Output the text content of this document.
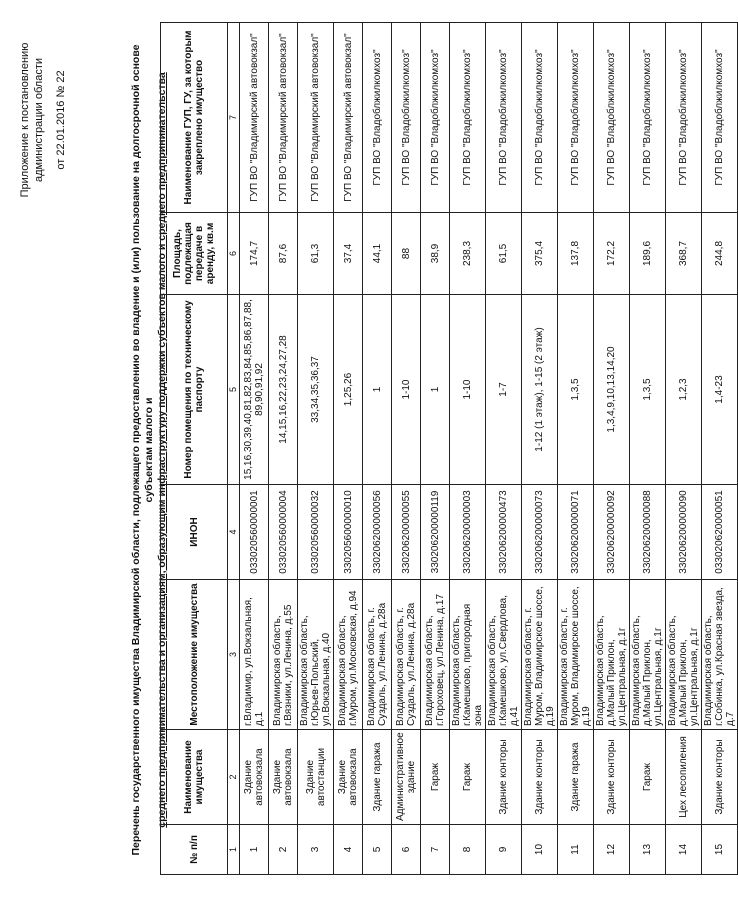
Приложение к постановлению администрации области от 22.01.2016 № 22	Перечень государственного имущества Владимирской области, подлежащего предоставлению во владение и (или) пользование на долгосрочной основе субъектам малого и среднего предпринимательства и организациям, образующим инфраструктуру поддержки субъектов малого и среднего предпринимательства
№ п/п	Наименование имущества	Местоположение имущества	ИНОН	Номер помещения по техническому паспорту	Площадь, подлежащая передаче в аренду, кв.м	Наименование ГУП, ГУ, за которым закреплено имущество
1	2	3	4	5	6	7
1	Здание автовокзала	г.Владимир, ул.Вокзальная, д.1	033020560000001	15,16,30,39,40,81,82,83,84,85,86,87,88, 89,90,91,92	174,7	ГУП ВО "Владимирский автовокзал"
2	Здание автовокзала	Владимирская область, г.Вязники, ул.Ленина, д.55	033020560000004	14,15,16,22,23,24,27,28	87,6	ГУП ВО "Владимирский автовокзал"
3	Здание автостанции	Владимирская область, г.Юрьев-Польский, ул.Вокзальная, д.40	033020560000032	33,34,35,36,37	61,3	ГУП ВО "Владимирский автовокзал"
4	Здание автовокзала	Владимирская область, г.Муром, ул.Московская, д.94	330205600000010	1,25,26	37,4	ГУП ВО "Владимирский автовокзал"
5	Здание гаража	Владимирская область, г. Суздаль, ул.Ленина, д.28а	330206200000056	1	44,1	ГУП ВО "Владоблжилкомхоз"
6	Административное здание	Владимирская область, г. Суздаль, ул.Ленина, д.28а	330206200000055	1-10	88	ГУП ВО "Владоблжилкомхоз"
7	Гараж	Владимирская область, г.Гороховец, ул.Ленина, д.17	330206200000119	1	38,9	ГУП ВО "Владоблжилкомхоз"
8	Гараж	Владимирская область, г.Камешково, пригородная зона	330206200000003	1-10	238,3	ГУП ВО "Владоблжилкомхоз"
9	Здание конторы	Владимирская область, г.Камешково, ул.Свердлова, д.41	330206200000473	1-7	61,5	ГУП ВО "Владоблжилкомхоз"
10	Здание конторы	Владимирская область, г. Муром, Владимирское шоссе, д.19	330206200000073	1-12 (1 этаж), 1-15 (2 этаж)	375,4	ГУП ВО "Владоблжилкомхоз"
11	Здание гаража	Владимирская область, г. Муром, Владимирское шоссе, д.19	330206200000071	1,3,5	137,8	ГУП ВО "Владоблжилкомхоз"
12	Здание конторы	Владимирская область, д.Малый Приклон, ул.Центральная, д.1г	330206200000092	1,3,4,9,10,13,14,20	172,2	ГУП ВО "Владоблжилкомхоз"
13	Гараж	Владимирская область, д.Малый Приклон, ул.Центральная, д.1г	330206200000088	1,3,5	189,6	ГУП ВО "Владоблжилкомхоз"
14	Цех лесопиления	Владимирская область, д.Малый Приклон, ул.Центральная, д.1г	330206200000090	1,2,3	368,7	ГУП ВО "Владоблжилкомхоз"
15	Здание конторы	Владимирская область, г.Собинка, ул.Красная звезда, д.7	033020620000051	1,4-23	244,8	ГУП ВО "Владоблжилкомхоз"
